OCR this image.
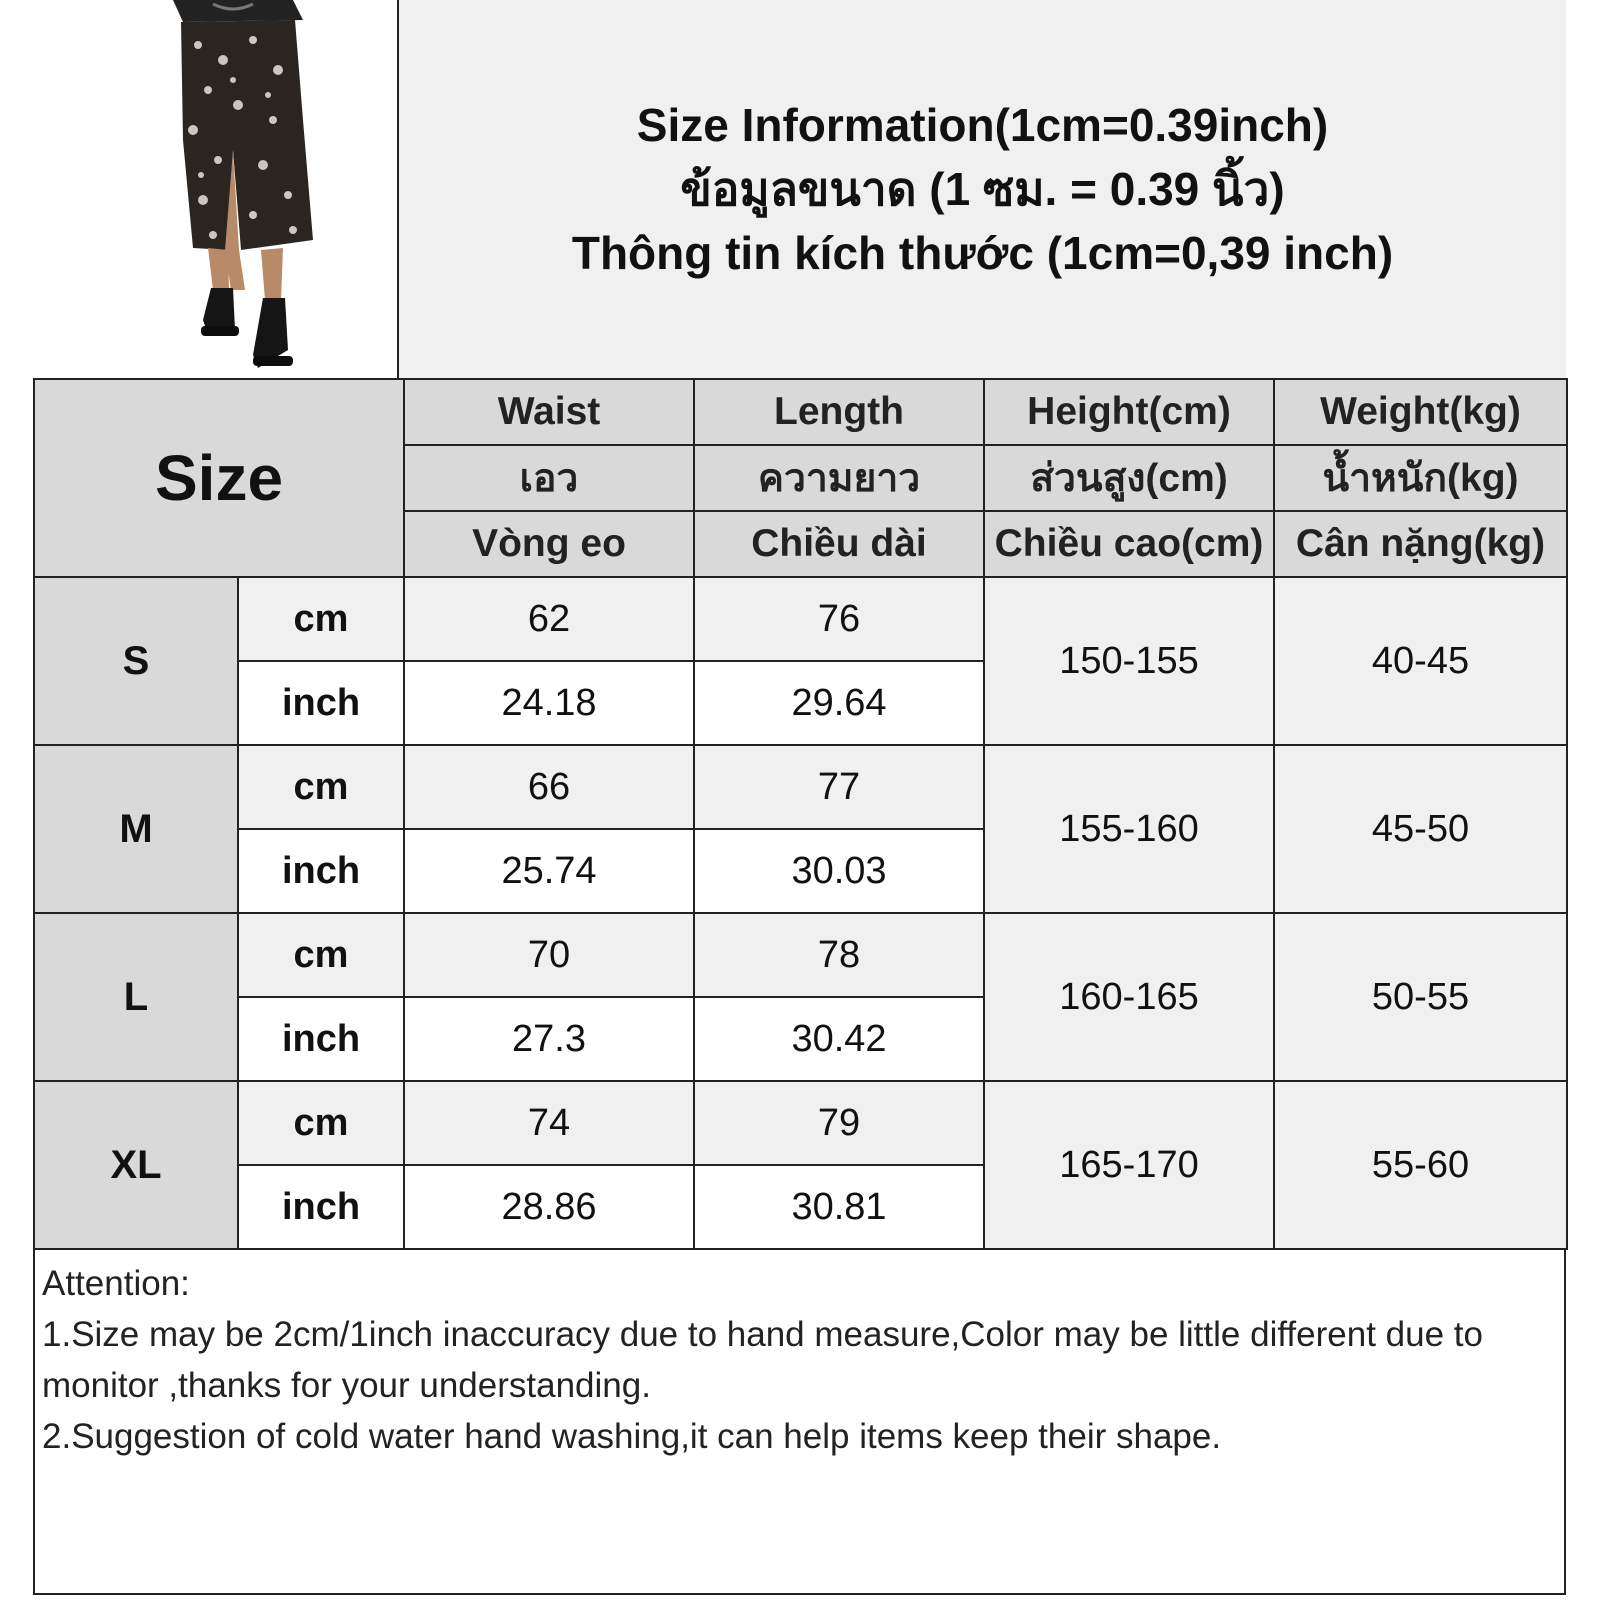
Size Information(1cm=0.39inch)
ข้อมูลขนาด (1 ซม. = 0.39 นิ้ว)
Thông tin kích thước (1cm=0,39 inch)
Size		Waist	Length	Height(cm)	Weight(kg)
		เอว	ความยาว	ส่วนสูง(cm)	น้ำหนัก(kg)
		Vòng eo	Chiều dài	Chiều cao(cm)	Cân nặng(kg)
S	cm	62	76	150-155	40-45
	inch	24.18	29.64		
M	cm	66	77	155-160	45-50
	inch	25.74	30.03		
L	cm	70	78	160-165	50-55
	inch	27.3	30.42		
XL	cm	74	79	165-170	55-60
	inch	28.86	30.81		

Attention:

1.Size may be 2cm/1inch inaccuracy due to hand measure,Color may be little different due to monitor ,thanks for your understanding.

2.Suggestion of cold water hand washing,it can help items keep their shape.
